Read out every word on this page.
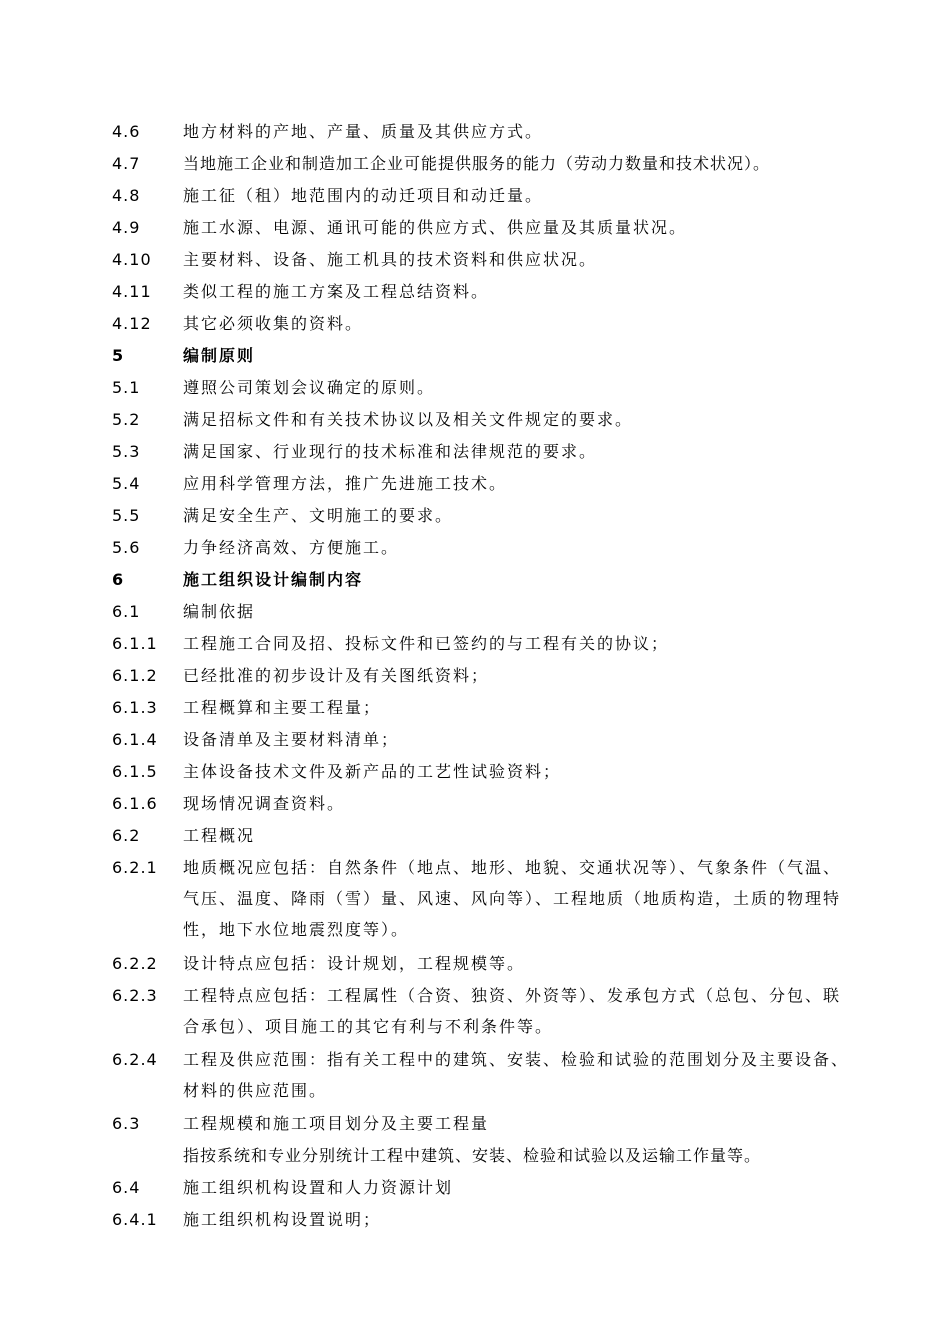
4.6	地方材料的产地、产量、质量及其供应方式。
4.7	当地施工企业和制造加工企业可能提供服务的能力（劳动力数量和技术状况）。
4.8	施工征（租）地范围内的动迁项目和动迁量。
4.9	施工水源、电源、通讯可能的供应方式、供应量及其质量状况。
4.10	主要材料、设备、施工机具的技术资料和供应状况。
4.11	类似工程的施工方案及工程总结资料。
4.12	其它必须收集的资料。
5	编制原则
5.1	遵照公司策划会议确定的原则。
5.2	满足招标文件和有关技术协议以及相关文件规定的要求。
5.3	满足国家、行业现行的技术标准和法律规范的要求。
5.4	应用科学管理方法，推广先进施工技术。
5.5	满足安全生产、文明施工的要求。
5.6	力争经济高效、方便施工。
6	施工组织设计编制内容
6.1	编制依据
6.1.1	工程施工合同及招、投标文件和已签约的与工程有关的协议；
6.1.2	已经批准的初步设计及有关图纸资料；
6.1.3	工程概算和主要工程量；
6.1.4	设备清单及主要材料清单；
6.1.5	主体设备技术文件及新产品的工艺性试验资料；
6.1.6	现场情况调查资料。
6.2	工程概况
6.2.1	地质概况应包括：自然条件（地点、地形、地貌、交通状况等）、气象条件（气温、气压、温度、降雨（雪）量、风速、风向等）、工程地质（地质构造，土质的物理特性，地下水位地震烈度等）。
6.2.2	设计特点应包括：设计规划，工程规模等。
6.2.3	工程特点应包括：工程属性（合资、独资、外资等）、发承包方式（总包、分包、联合承包）、项目施工的其它有利与不利条件等。
6.2.4	工程及供应范围：指有关工程中的建筑、安装、检验和试验的范围划分及主要设备、材料的供应范围。
6.3	工程规模和施工项目划分及主要工程量
指按系统和专业分别统计工程中建筑、安装、检验和试验以及运输工作量等。
6.4	施工组织机构设置和人力资源计划
6.4.1	施工组织机构设置说明；
